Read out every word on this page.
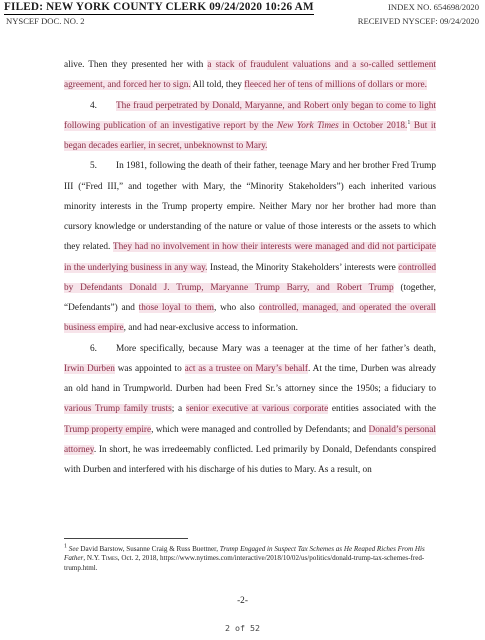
FILED: NEW YORK COUNTY CLERK 09/24/2020 10:26 AM	INDEX NO. 654698/2020
NYSCEF DOC. NO. 2	RECEIVED NYSCEF: 09/24/2020

alive. Then they presented her with a stack of fraudulent valuations and a so-called settlement agreement, and forced her to sign. All told, they fleeced her of tens of millions of dollars or more.

4. The fraud perpetrated by Donald, Maryanne, and Robert only began to come to light following publication of an investigative report by the New York Times in October 2018.$^1$ But it began decades earlier, in secret, unbeknownst to Mary.

5. In 1981, following the death of their father, teenage Mary and her brother Fred Trump III (“Fred III,” and together with Mary, the “Minority Stakeholders”) each inherited various minority interests in the Trump property empire. Neither Mary nor her brother had more than cursory knowledge or understanding of the nature or value of those interests or the assets to which they related. They had no involvement in how their interests were managed and did not participate in the underlying business in any way. Instead, the Minority Stakeholders’ interests were controlled by Defendants Donald J. Trump, Maryanne Trump Barry, and Robert Trump (together, “Defendants”) and those loyal to them, who also controlled, managed, and operated the overall business empire, and had near-exclusive access to information.

6. More specifically, because Mary was a teenager at the time of her father’s death, Irwin Durben was appointed to act as a trustee on Mary’s behalf. At the time, Durben was already an old hand in Trumpworld. Durben had been Fred Sr.’s attorney since the 1950s; a fiduciary to various Trump family trusts; a senior executive at various corporate entities associated with the Trump property empire, which were managed and controlled by Defendants; and Donald’s personal attorney. In short, he was irredeemably conflicted. Led primarily by Donald, Defendants conspired with Durben and interfered with his discharge of his duties to Mary. As a result, on

$^1$ See David Barstow, Susanne Craig & Russ Buettner, Trump Engaged in Suspect Tax Schemes as He Reaped Riches From His Father, N.Y. Times, Oct. 2, 2018, https://www.nytimes.com/interactive/2018/10/02/us/politics/donald-trump-tax-schemes-fred-trump.html.
-2-
2 of 52
